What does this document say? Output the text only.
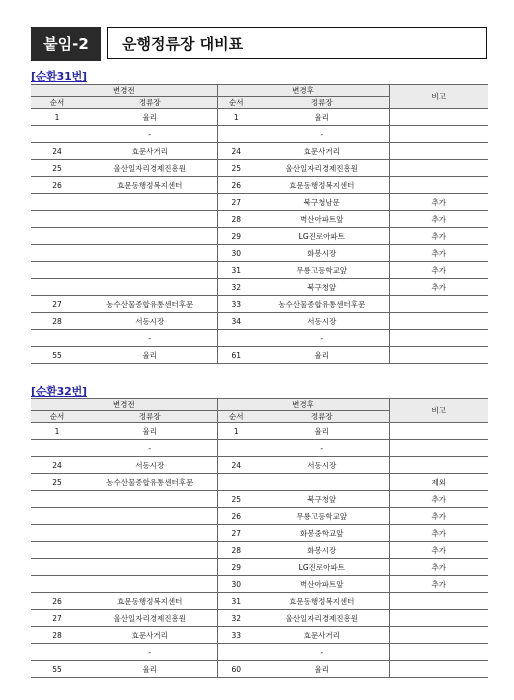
붙임-2	운행정류장 대비표
[순환31번]
변경전		변경후		비고
순서	정류장	순서	정류장	
1	율리	1	율리	
	-		-	
24	효문사거리	24	효문사거리	
25	울산일자리경제진흥원	25	울산일자리경제진흥원	
26	효문동행정복지센터	26	효문동행정복지센터	
		27	북구청남문	추가
		28	벽산아파트앞	추가
		29	LG진로아파트	추가
		30	화봉시장	추가
		31	무룡고등학교앞	추가
		32	북구청앞	추가
27	농수산물종합유통센터후문	33	농수산물종합유통센터후문	
28	서동시장	34	서동시장	
	-		-	
55	율리	61	율리	
[순환32번]
변경전		변경후		비고
순서	정류장	순서	정류장	
1	율리	1	율리	
	-		-	
24	서동시장	24	서동시장	
25	농수산물종합유통센터후문			제외
		25	북구청앞	추가
		26	무룡고등학교앞	추가
		27	화봉중학교앞	추가
		28	화봉시장	추가
		29	LG진로아파트	추가
		30	벽산아파트앞	추가
26	효문동행정복지센터	31	효문동행정복지센터	
27	울산일자리경제진흥원	32	울산일자리경제진흥원	
28	효문사거리	33	효문사거리	
	-		-	
55	율리	60	율리	
